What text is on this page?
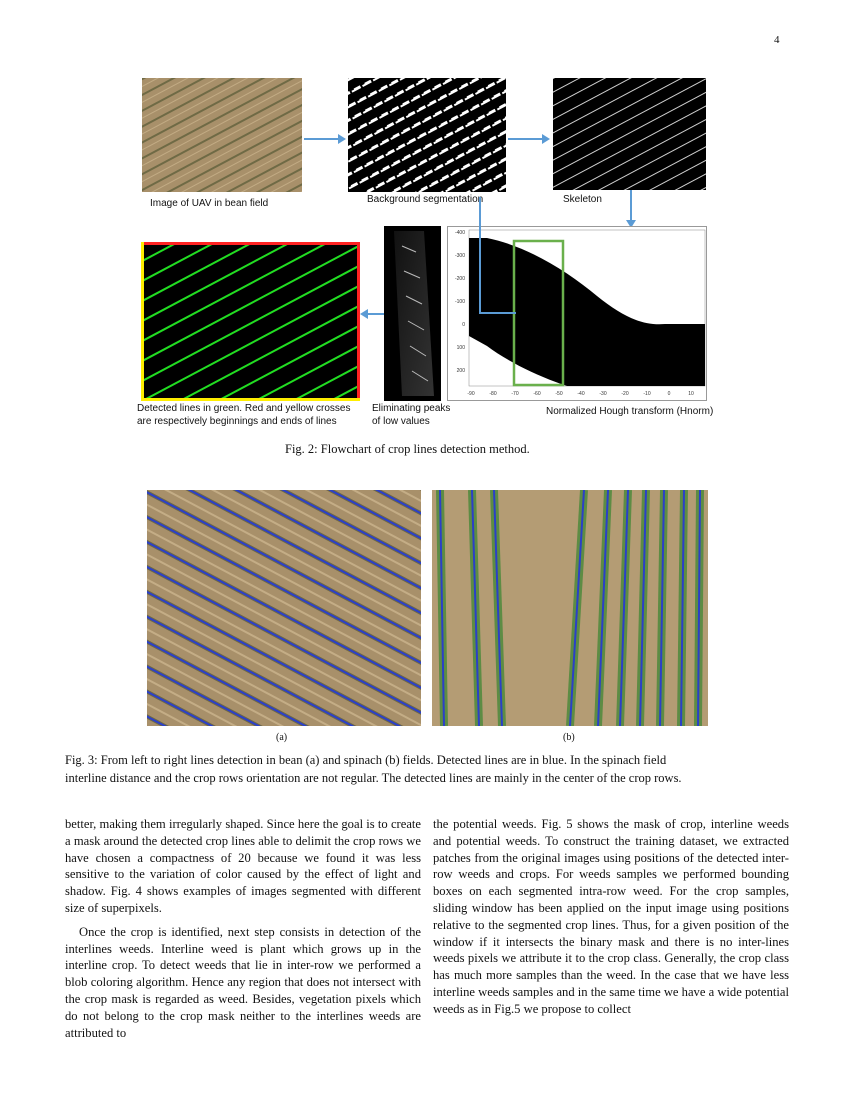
4
Image of UAV in bean field	Background segmentation	Skeleton
Detected lines in green. Red and yellow crosses
are respectively beginnings and ends of lines
Eliminating peaks
of low values
-400
-300
-200
-100
0
100
200
-90	-80	-70	-60	-50	-40	-30	-20	-10	0	10
Normalized Hough transform (Hnorm)
Fig. 2: Flowchart of crop lines detection method.
(a)	(b)
Fig. 3: From left to right lines detection in bean (a) and spinach (b) fields. Detected lines are in blue. In the spinach field
interline distance and the crop rows orientation are not regular. The detected lines are mainly in the center of the crop rows.

better, making them irregularly shaped. Since here the goal is to create a mask around the detected crop lines able to delimit the crop rows we have chosen a compactness of 20 because we found it was less sensitive to the variation of color caused by the effect of light and shadow. Fig. 4 shows examples of images segmented with different size of superpixels.

Once the crop is identified, next step consists in detection of the interlines weeds. Interline weed is plant which grows up in the interline crop. To detect weeds that lie in inter-row we performed a blob coloring algorithm. Hence any region that does not intersect with the crop mask is regarded as weed. Besides, vegetation pixels which do not belong to the crop mask neither to the interlines weeds are attributed to

the potential weeds. Fig. 5 shows the mask of crop, interline weeds and potential weeds. To construct the training dataset, we extracted patches from the original images using positions of the detected inter-row weeds and crops. For weeds samples we performed bounding boxes on each segmented intra-row weed. For the crop samples, sliding window has been applied on the input image using positions relative to the segmented crop lines. Thus, for a given position of the window if it intersects the binary mask and there is no inter-lines weeds pixels we attribute it to the crop class. Generally, the crop class has much more samples than the weed. In the case that we have less interline weeds samples and in the same time we have a wide potential weeds as in Fig.5 we propose to collect
